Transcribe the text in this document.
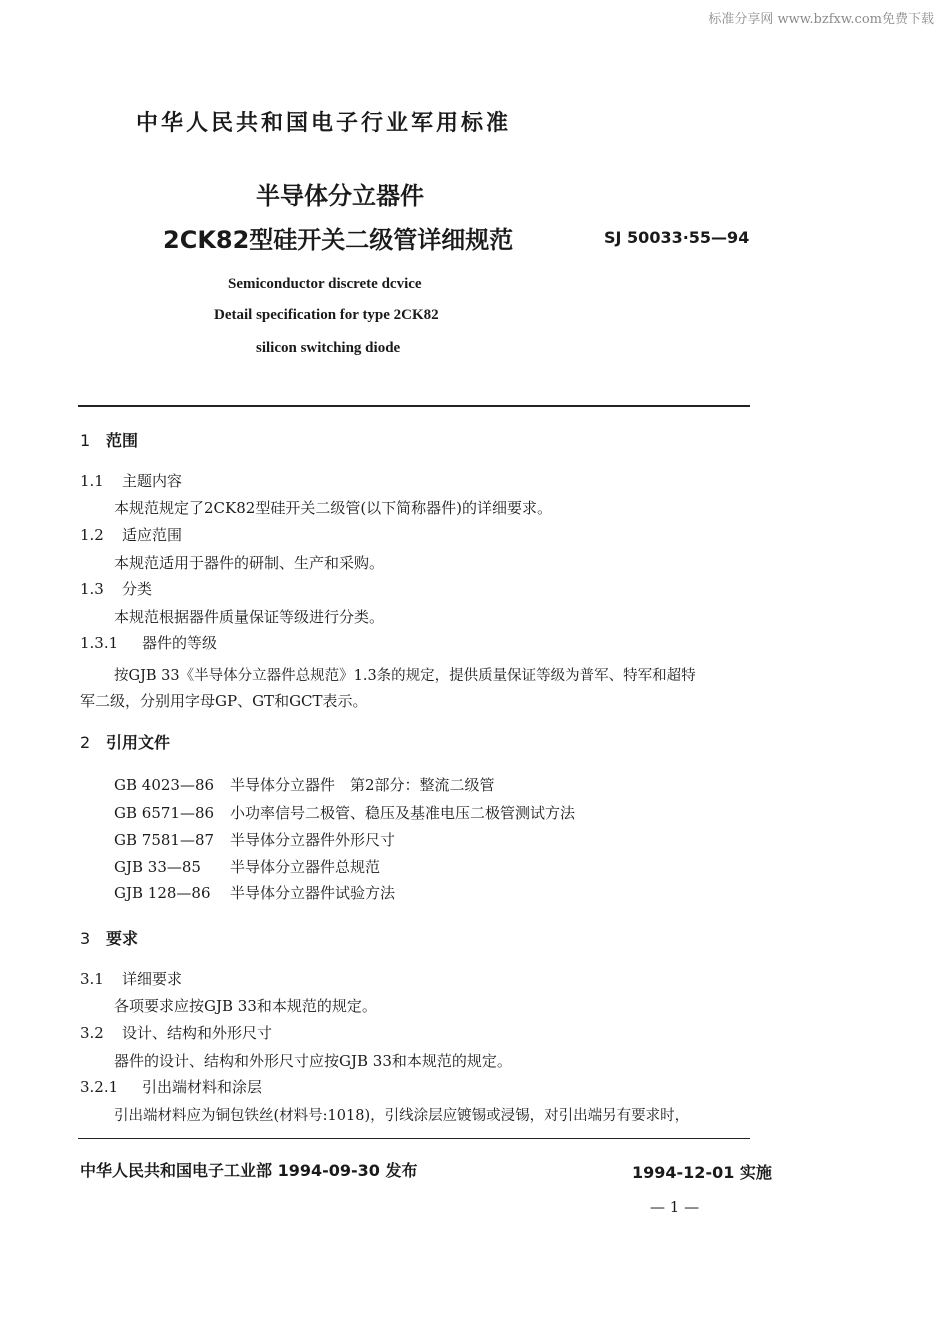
标准分享网 www.bzfxw.com免费下载
中华人民共和国电子行业军用标准
半导体分立器件
2CK82型硅开关二级管详细规范	SJ 50033·55—94
Semiconductor discrete dcvice
Detail specification for type 2CK82
silicon switching diode
1 范围
1.1 主题内容
本规范规定了2CK82型硅开关二级管(以下简称器件)的详细要求。
1.2 适应范围
本规范适用于器件的研制、生产和采购。
1.3 分类
本规范根据器件质量保证等级进行分类。
1.3.1 器件的等级
按GJB 33《半导体分立器件总规范》1.3条的规定，提供质量保证等级为普军、特军和超特
军二级，分别用字母GP、GT和GCT表示。
2 引用文件
GB 4023—86 半导体分立器件　第2部分：整流二级管
GB 6571—86 小功率信号二极管、稳压及基准电压二极管测试方法
GB 7581—87 半导体分立器件外形尺寸
GJB 33—85 半导体分立器件总规范
GJB 128—86 半导体分立器件试验方法
3 要求
3.1 详细要求
各项要求应按GJB 33和本规范的规定。
3.2 设计、结构和外形尺寸
器件的设计、结构和外形尺寸应按GJB 33和本规范的规定。
3.2.1 引出端材料和涂层
引出端材料应为铜包铁丝(材料号:1018)，引线涂层应镀锡或浸锡，对引出端另有要求时，
中华人民共和国电子工业部 1994-09-30 发布	1994-12-01 实施
— 1 —
